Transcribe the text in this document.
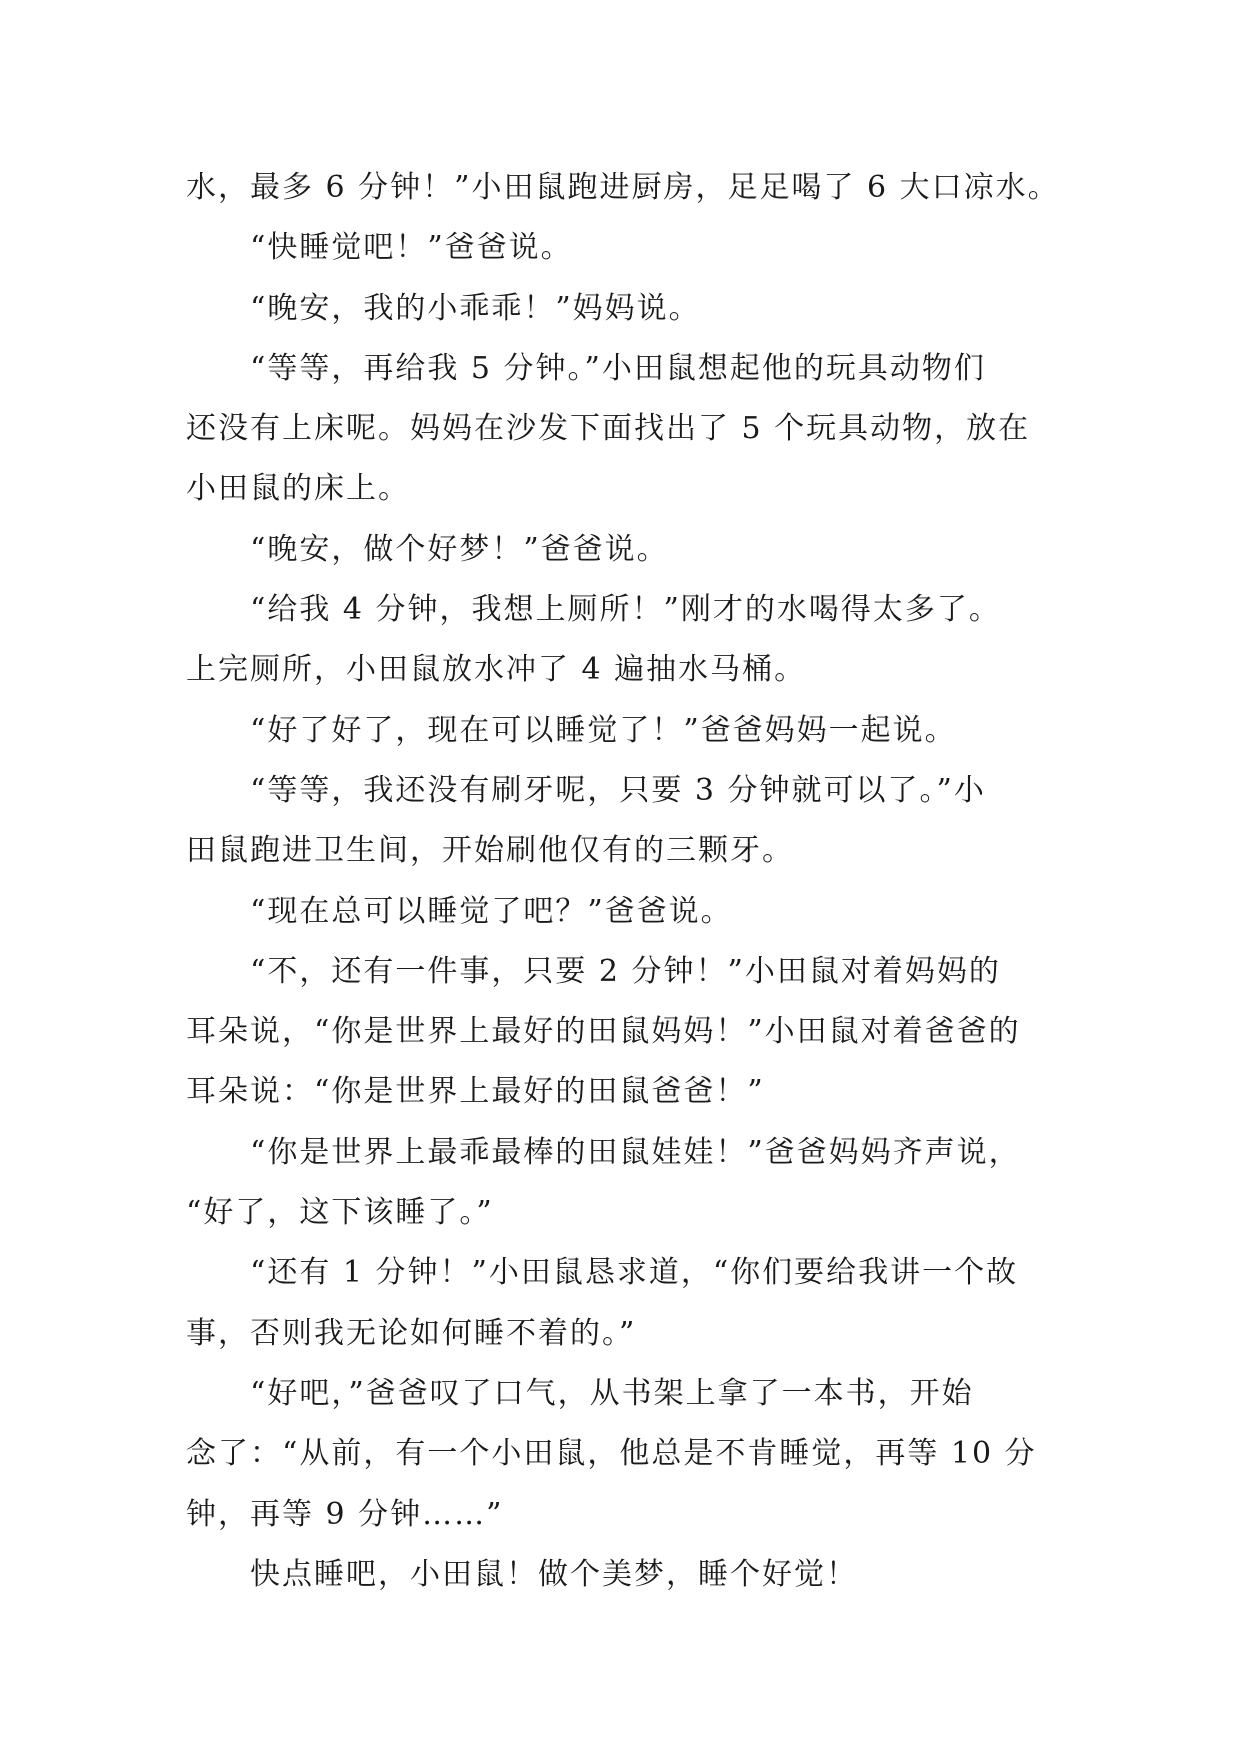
水，最多 6 分钟！”小田鼠跑进厨房，足足喝了 6 大口凉水。
“快睡觉吧！”爸爸说。
“晚安，我的小乖乖！”妈妈说。
“等等，再给我 5 分钟。”小田鼠想起他的玩具动物们
还没有上床呢。妈妈在沙发下面找出了 5 个玩具动物，放在
小田鼠的床上。
“晚安，做个好梦！”爸爸说。
“给我 4 分钟，我想上厕所！”刚才的水喝得太多了。
上完厕所，小田鼠放水冲了 4 遍抽水马桶。
“好了好了，现在可以睡觉了！”爸爸妈妈一起说。
“等等，我还没有刷牙呢，只要 3 分钟就可以了。”小
田鼠跑进卫生间，开始刷他仅有的三颗牙。
“现在总可以睡觉了吧？”爸爸说。
“不，还有一件事，只要 2 分钟！”小田鼠对着妈妈的
耳朵说，“你是世界上最好的田鼠妈妈！”小田鼠对着爸爸的
耳朵说：“你是世界上最好的田鼠爸爸！”
“你是世界上最乖最棒的田鼠娃娃！”爸爸妈妈齐声说，
“好了，这下该睡了。”
“还有 1 分钟！”小田鼠恳求道，“你们要给我讲一个故
事，否则我无论如何睡不着的。”
“好吧，”爸爸叹了口气，从书架上拿了一本书，开始
念了：“从前，有一个小田鼠，他总是不肯睡觉，再等 10 分
钟，再等 9 分钟……”
快点睡吧，小田鼠！做个美梦，睡个好觉！
